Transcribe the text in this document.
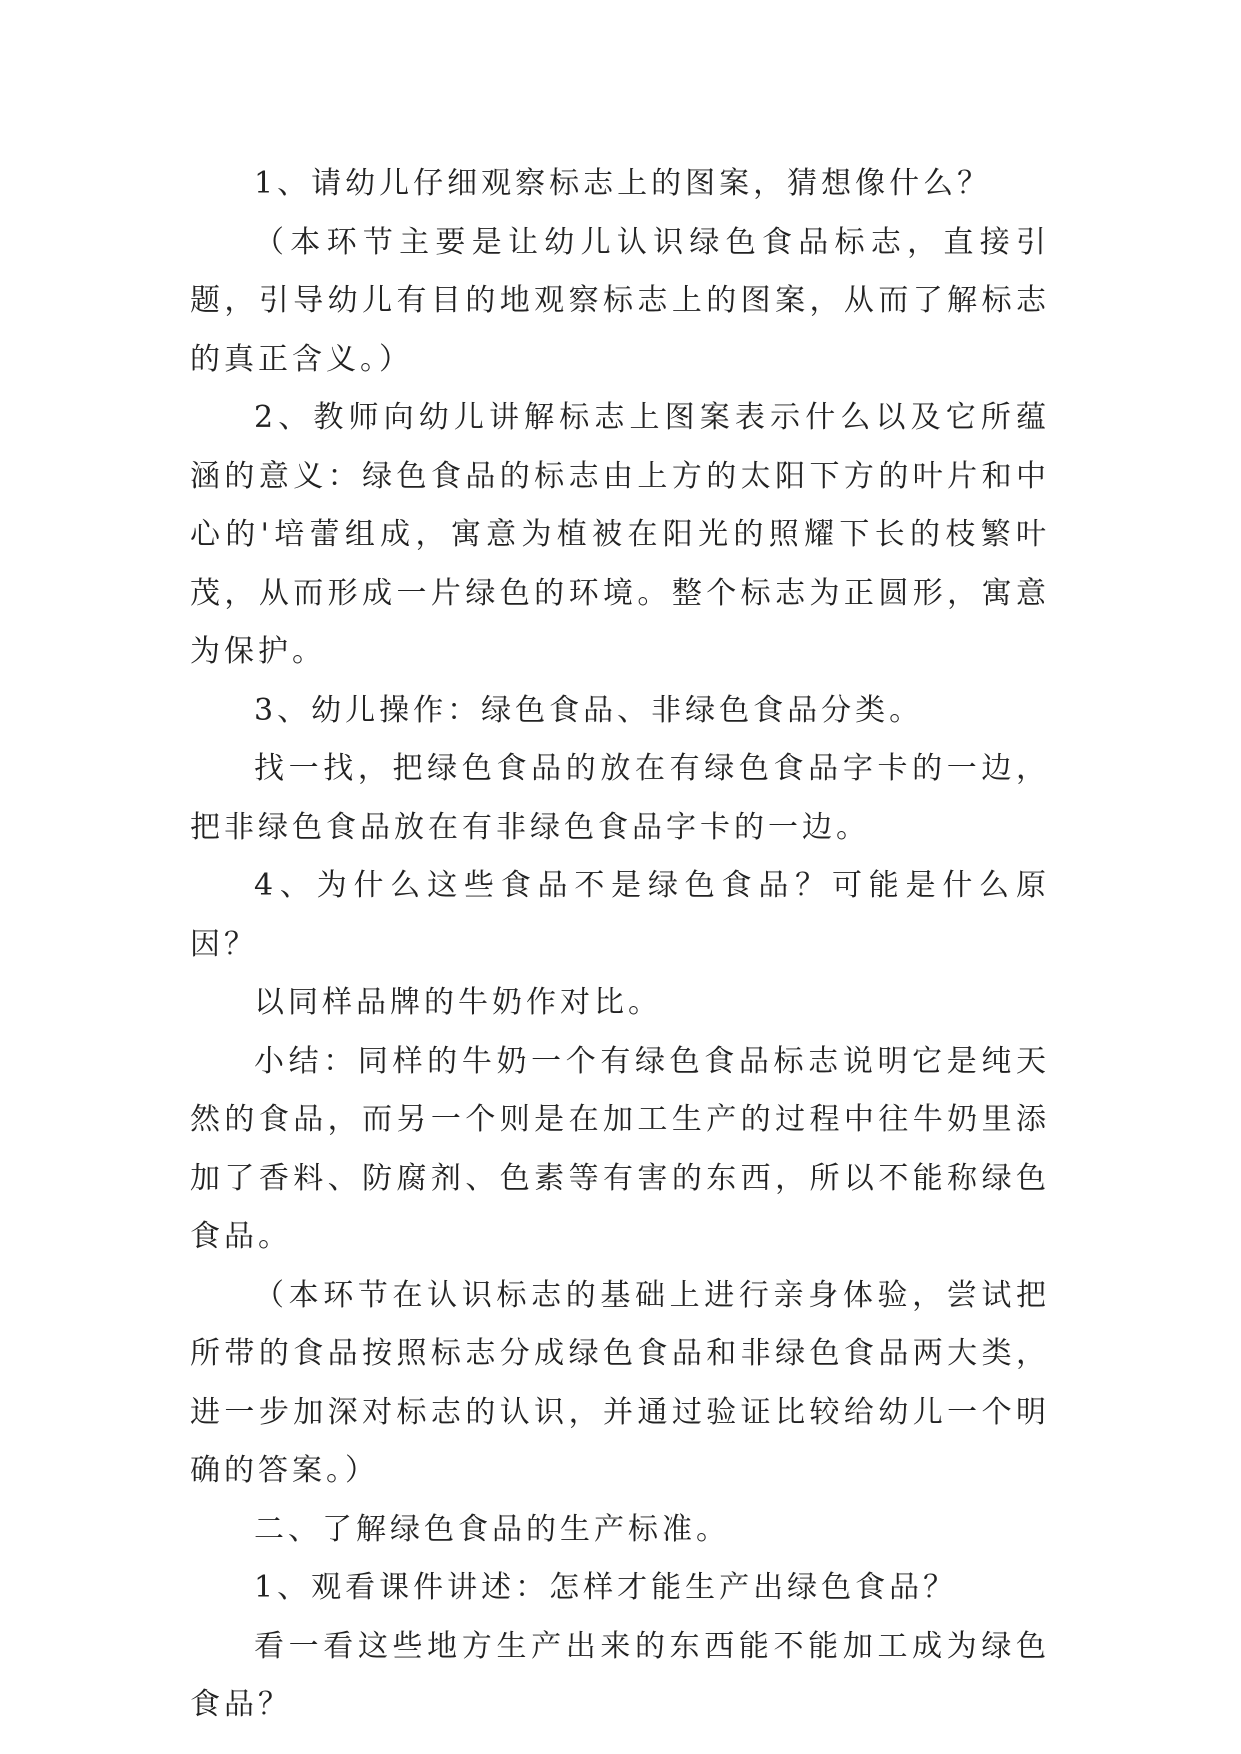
1、请幼儿仔细观察标志上的图案，猜想像什么？

（本环节主要是让幼儿认识绿色食品标志，直接引题，引导幼儿有目的地观察标志上的图案，从而了解标志的真正含义。）

2、教师向幼儿讲解标志上图案表示什么以及它所蕴涵的意义：绿色食品的标志由上方的太阳下方的叶片和中心的'培蕾组成，寓意为植被在阳光的照耀下长的枝繁叶茂，从而形成一片绿色的环境。整个标志为正圆形，寓意为保护。

3、幼儿操作：绿色食品、非绿色食品分类。

找一找，把绿色食品的放在有绿色食品字卡的一边，把非绿色食品放在有非绿色食品字卡的一边。

4、为什么这些食品不是绿色食品？可能是什么原因？

以同样品牌的牛奶作对比。

小结：同样的牛奶一个有绿色食品标志说明它是纯天然的食品，而另一个则是在加工生产的过程中往牛奶里添加了香料、防腐剂、色素等有害的东西，所以不能称绿色食品。

（本环节在认识标志的基础上进行亲身体验，尝试把所带的食品按照标志分成绿色食品和非绿色食品两大类，进一步加深对标志的认识，并通过验证比较给幼儿一个明确的答案。）

二、了解绿色食品的生产标准。

1、观看课件讲述：怎样才能生产出绿色食品？

看一看这些地方生产出来的东西能不能加工成为绿色食品？
